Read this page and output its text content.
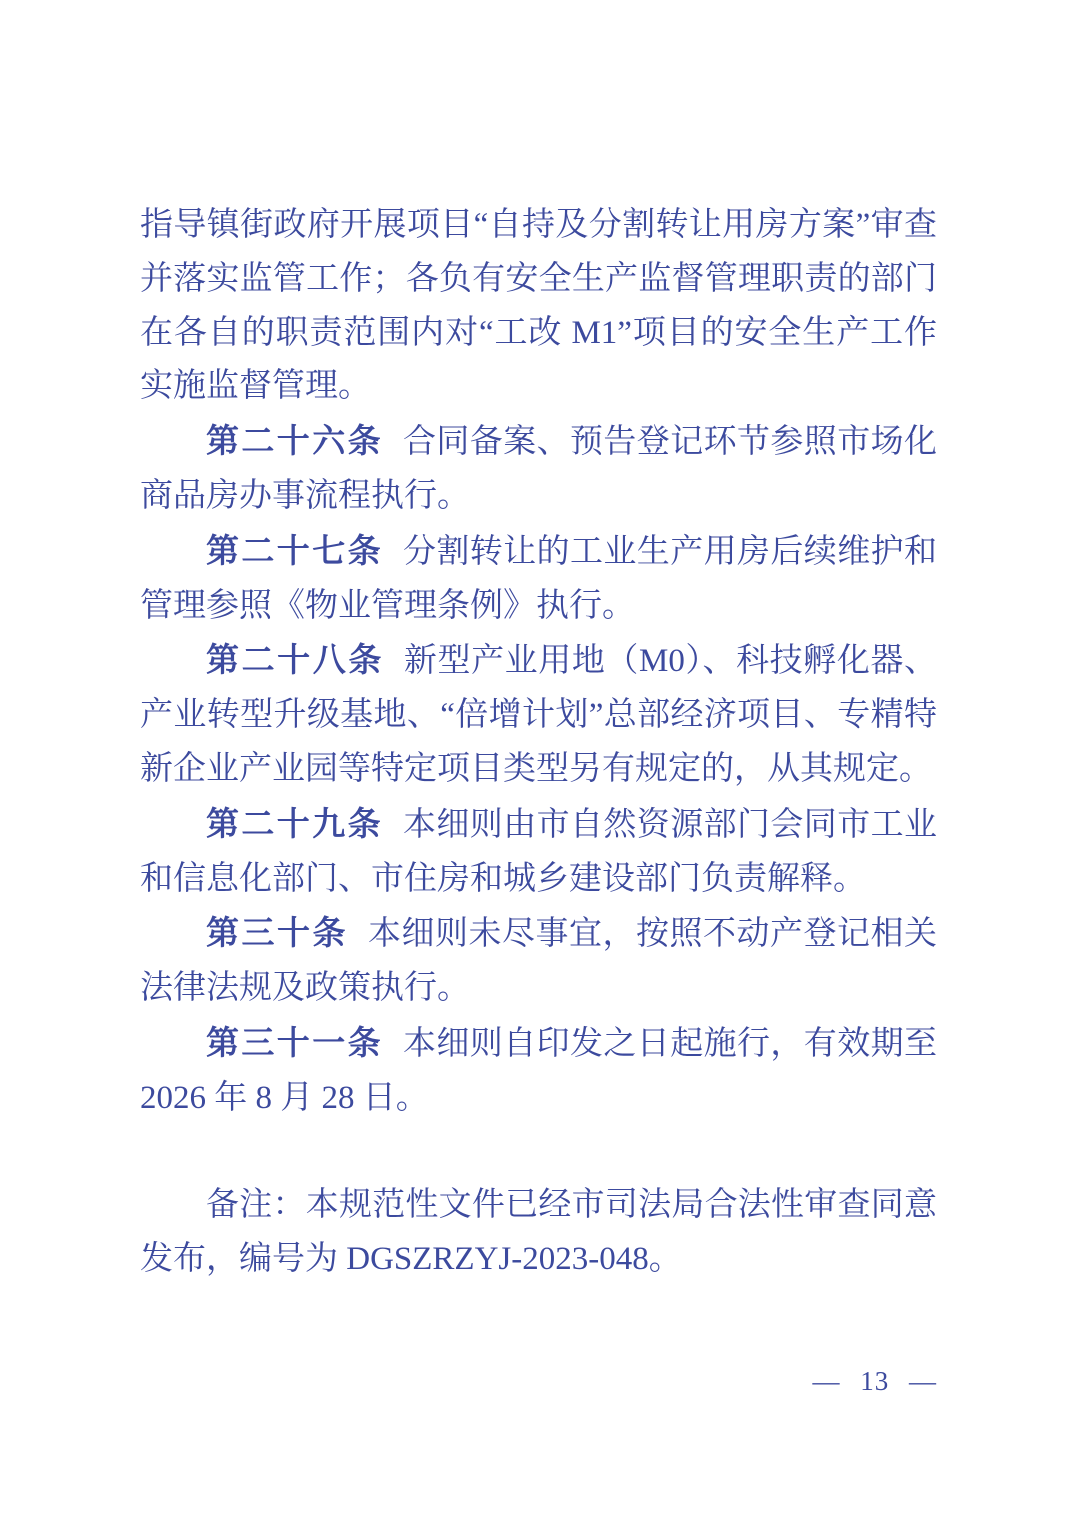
指导镇街政府开展项目“自持及分割转让用房方案”审查并落实监管工作；各负有安全生产监督管理职责的部门在各自的职责范围内对“工改 M1”项目的安全生产工作实施监督管理。

第二十六条 合同备案、预告登记环节参照市场化商品房办事流程执行。

第二十七条 分割转让的工业生产用房后续维护和管理参照《物业管理条例》执行。

第二十八条 新型产业用地（M0）、科技孵化器、产业转型升级基地、“倍增计划”总部经济项目、专精特新企业产业园等特定项目类型另有规定的，从其规定。

第二十九条 本细则由市自然资源部门会同市工业和信息化部门、市住房和城乡建设部门负责解释。

第三十条 本细则未尽事宜，按照不动产登记相关法律法规及政策执行。

第三十一条 本细则自印发之日起施行，有效期至 2026 年 8 月 28 日。

备注：本规范性文件已经市司法局合法性审查同意发布，编号为 DGSZRZYJ-2023-048。

— 13 —
